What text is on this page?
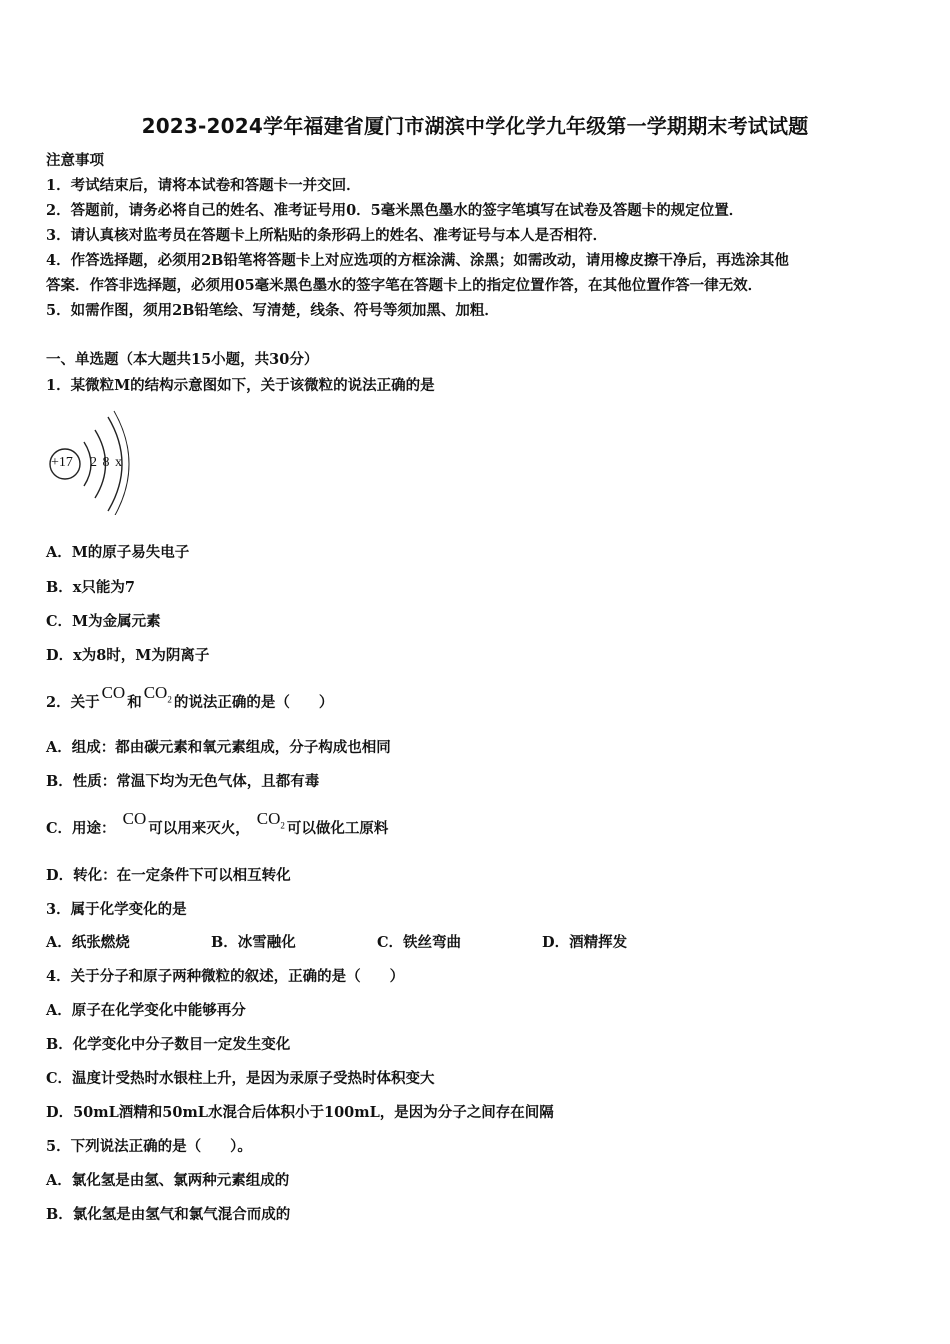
2023-2024学年福建省厦门市湖滨中学化学九年级第一学期期末考试试题
注意事项
1．考试结束后，请将本试卷和答题卡一并交回．
2．答题前，请务必将自己的姓名、准考证号用0．5毫米黑色墨水的签字笔填写在试卷及答题卡的规定位置．
3．请认真核对监考员在答题卡上所粘贴的条形码上的姓名、准考证号与本人是否相符．
4．作答选择题，必须用2B铅笔将答题卡上对应选项的方框涂满、涂黑；如需改动，请用橡皮擦干净后，再选涂其他
答案．作答非选择题，必须用05毫米黑色墨水的签字笔在答题卡上的指定位置作答，在其他位置作答一律无效．
5．如需作图，须用2B铅笔绘、写清楚，线条、符号等须加黑、加粗．
一、单选题（本大题共15小题，共30分）
1．某微粒M的结构示意图如下，关于该微粒的说法正确的是
+17 2 8 x
A．M的原子易失电子
B．x只能为7
C．M为金属元素
D．x为8时，M为阴离子
2．关于CO和$CO_2$ 的说法正确的是（　　）
A．组成：都由碳元素和氧元素组成，分子构成也相同
B．性质：常温下均为无色气体，且都有毒
C．用途： CO可以用来灭火， $CO_2$ 可以做化工原料
D．转化：在一定条件下可以相互转化
3．属于化学变化的是
A．纸张燃烧	B．冰雪融化	C．铁丝弯曲	D．酒精挥发
4．关于分子和原子两种微粒的叙述，正确的是（　　）
A．原子在化学变化中能够再分
B．化学变化中分子数目一定发生变化
C．温度计受热时水银柱上升，是因为汞原子受热时体积变大
D．50mL酒精和50mL水混合后体积小于100mL，是因为分子之间存在间隔
5．下列说法正确的是（　　）。
A．氯化氢是由氢、氯两种元素组成的
B．氯化氢是由氢气和氯气混合而成的
